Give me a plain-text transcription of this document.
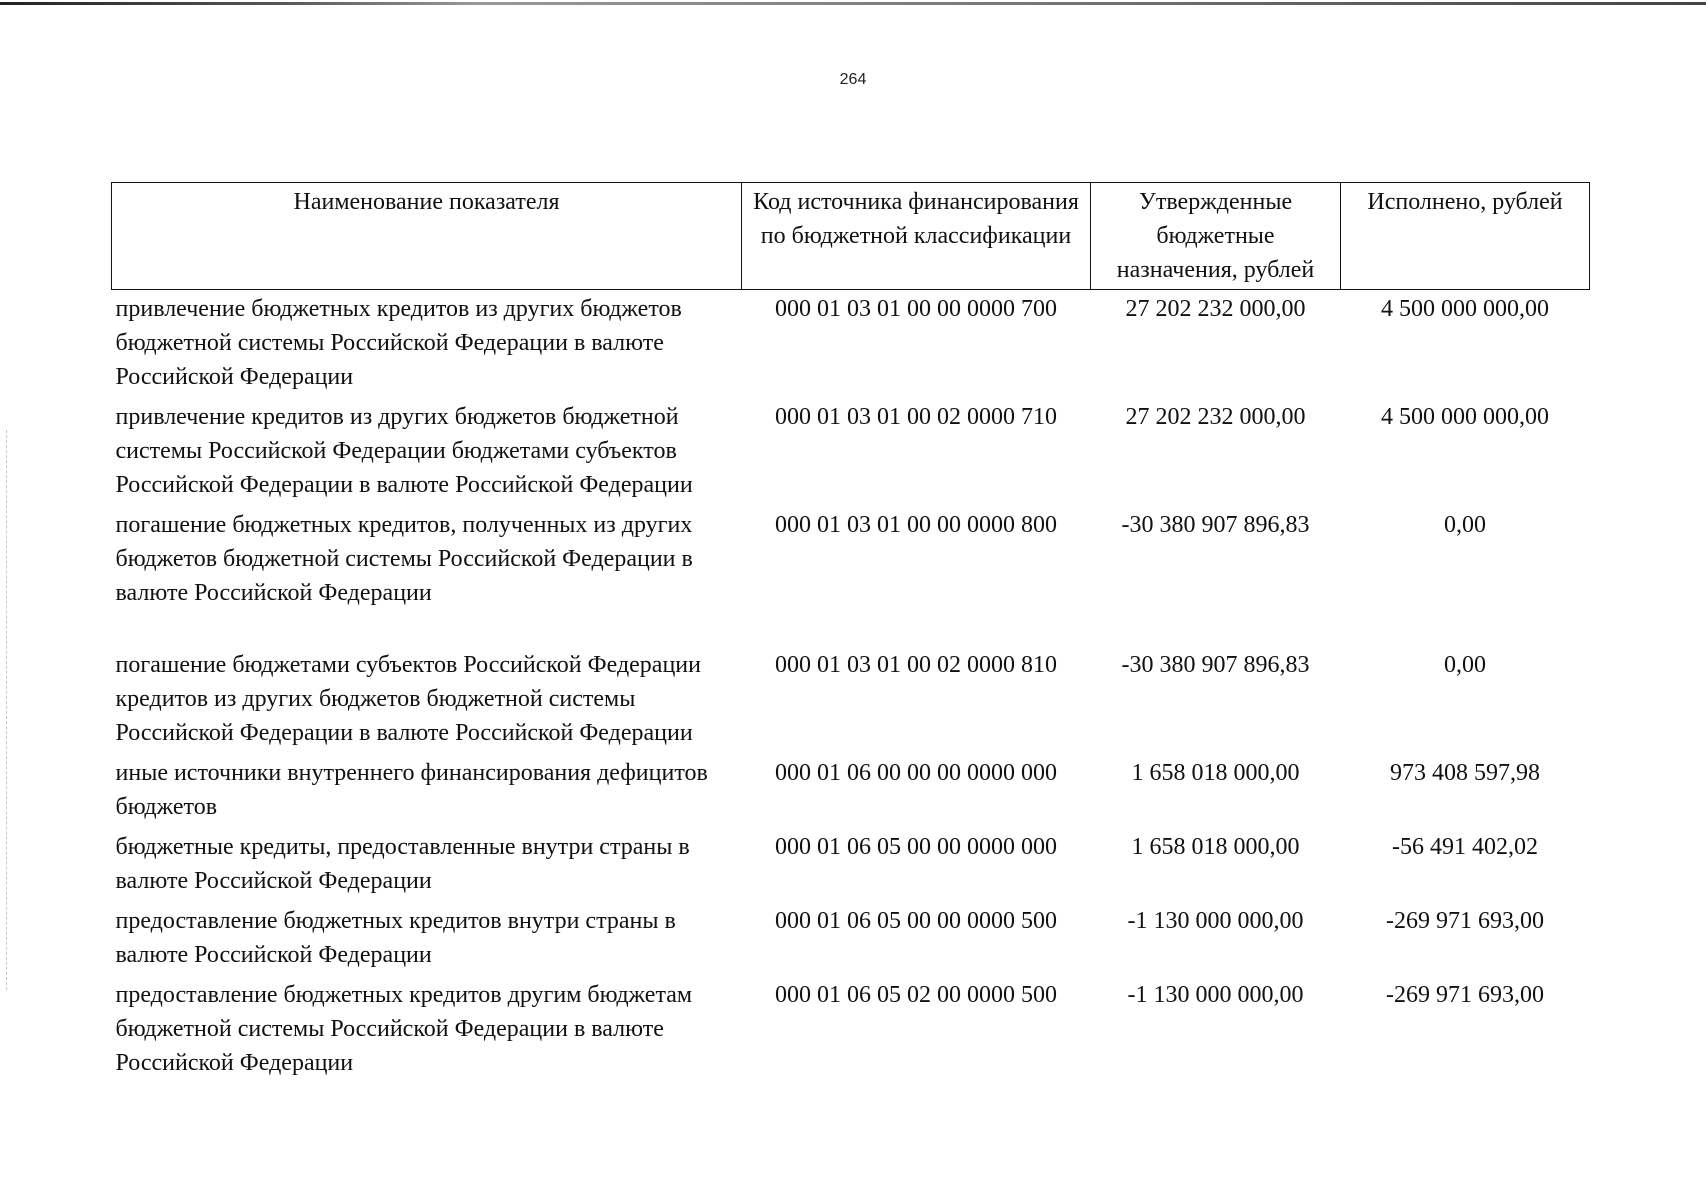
264
Наименование показателя	Код источника финансирования по бюджетной классификации	Утвержденные бюджетные назначения, рублей	Исполнено, рублей
привлечение бюджетных кредитов из других бюджетов бюджетной системы Российской Федерации в валюте Российской Федерации	000 01 03 01 00 00 0000 700	27 202 232 000,00	4 500 000 000,00
привлечение кредитов из других бюджетов бюджетной системы Российской Федерации бюджетами субъектов Российской Федерации в валюте Российской Федерации	000 01 03 01 00 02 0000 710	27 202 232 000,00	4 500 000 000,00
погашение бюджетных кредитов, полученных из других бюджетов бюджетной системы Российской Федерации в валюте Российской Федерации	000 01 03 01 00 00 0000 800	-30 380 907 896,83	0,00
погашение бюджетами субъектов Российской Федерации кредитов из других бюджетов бюджетной системы Российской Федерации в валюте Российской Федерации	000 01 03 01 00 02 0000 810	-30 380 907 896,83	0,00
иные источники внутреннего финансирования дефицитов бюджетов	000 01 06 00 00 00 0000 000	1 658 018 000,00	973 408 597,98
бюджетные кредиты, предоставленные внутри страны в валюте Российской Федерации	000 01 06 05 00 00 0000 000	1 658 018 000,00	-56 491 402,02
предоставление бюджетных кредитов внутри страны в валюте Российской Федерации	000 01 06 05 00 00 0000 500	-1 130 000 000,00	-269 971 693,00
предоставление бюджетных кредитов другим бюджетам бюджетной системы Российской Федерации в валюте Российской Федерации	000 01 06 05 02 00 0000 500	-1 130 000 000,00	-269 971 693,00
